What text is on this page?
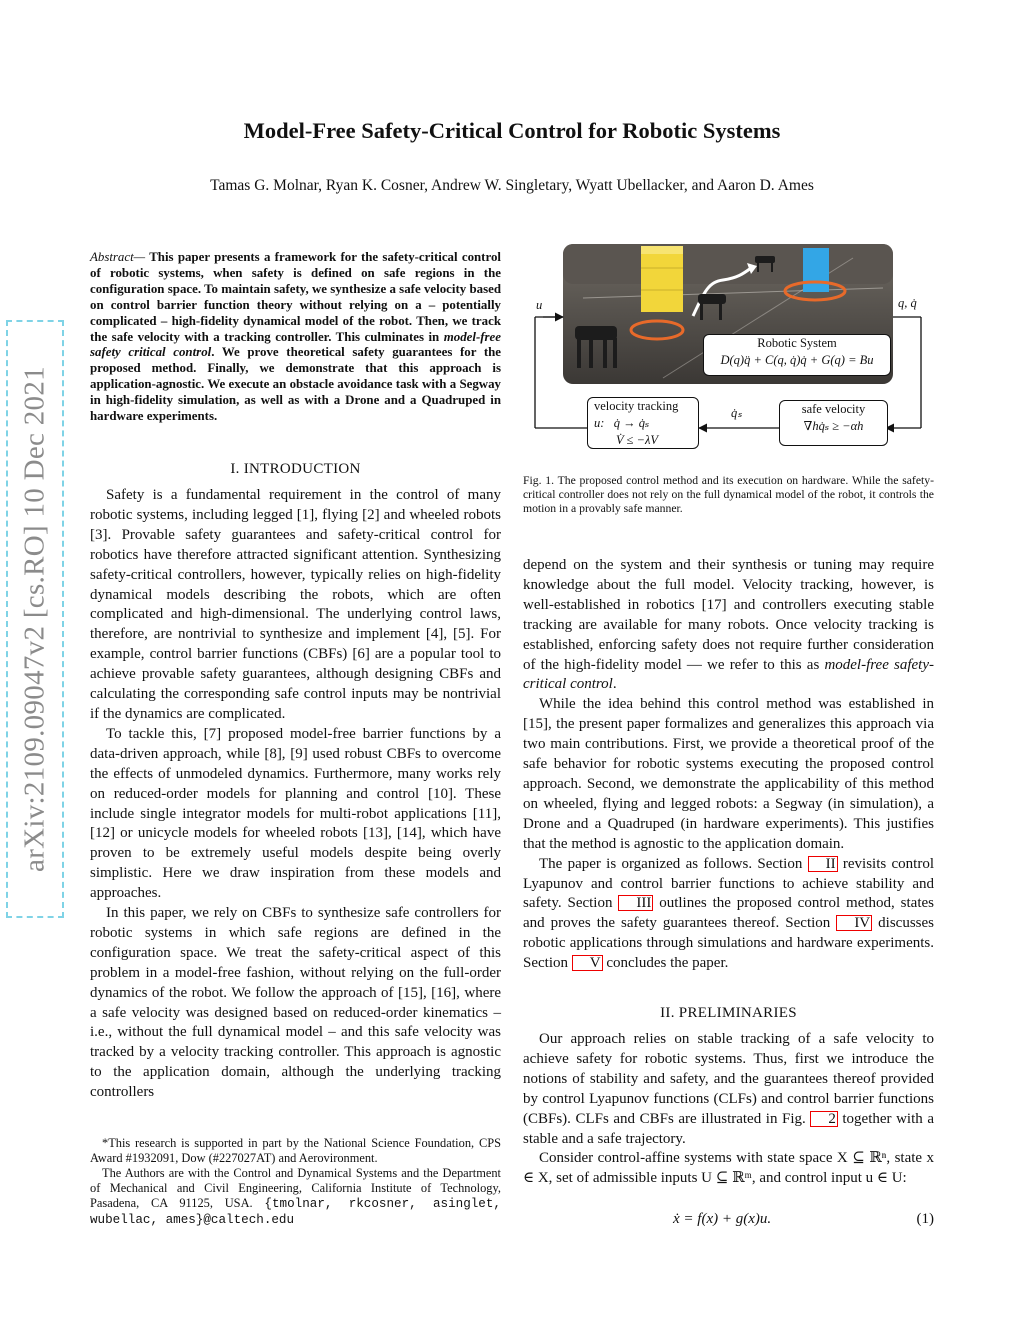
arXiv:2109.09047v2 [cs.RO] 10 Dec 2021
Model-Free Safety-Critical Control for Robotic Systems
Tamas G. Molnar, Ryan K. Cosner, Andrew W. Singletary, Wyatt Ubellacker, and Aaron D. Ames
Abstract— This paper presents a framework for the safety-critical control of robotic systems, when safety is defined on safe regions in the configuration space. To maintain safety, we synthesize a safe velocity based on control barrier function theory without relying on a – potentially complicated – high-fidelity dynamical model of the robot. Then, we track the safe velocity with a tracking controller. This culminates in model-free safety critical control. We prove theoretical safety guarantees for the proposed method. Finally, we demonstrate that this approach is application-agnostic. We execute an obstacle avoidance task with a Segway in high-fidelity simulation, as well as with a Drone and a Quadruped in hardware experiments.
I. INTRODUCTION

Safety is a fundamental requirement in the control of many robotic systems, including legged [1], flying [2] and wheeled robots [3]. Provable safety guarantees and safety-critical control for robotics have therefore attracted significant attention. Synthesizing safety-critical controllers, however, typically relies on high-fidelity dynamical models describing the robots, which are often complicated and high-dimensional. The underlying control laws, therefore, are nontrivial to synthesize and implement [4], [5]. For example, control barrier functions (CBFs) [6] are a popular tool to achieve provable safety guarantees, although designing CBFs and calculating the corresponding safe control inputs may be nontrivial if the dynamics are complicated.

To tackle this, [7] proposed model-free barrier functions by a data-driven approach, while [8], [9] used robust CBFs to overcome the effects of unmodeled dynamics. Furthermore, many works rely on reduced-order models for planning and control [10]. These include single integrator models for multi-robot applications [11], [12] or unicycle models for wheeled robots [13], [14], which have proven to be extremely useful models despite being overly simplistic. Here we draw inspiration from these models and approaches.

In this paper, we rely on CBFs to synthesize safe controllers for robotic systems in which safe regions are defined in the configuration space. We treat the safety-critical aspect of this problem in a model-free fashion, without relying on the full-order dynamics of the robot. We follow the approach of [15], [16], where a safe velocity was designed based on reduced-order kinematics – i.e., without the full dynamical model – and this safe velocity was tracked by a velocity tracking controller. This approach is agnostic to the application domain, although the underlying tracking controllers

*This research is supported in part by the National Science Foundation, CPS Award #1932091, Dow (#227027AT) and Aerovironment.

The Authors are with the Control and Dynamical Systems and the Department of Mechanical and Civil Engineering, California Institute of Technology, Pasadena, CA 91125, USA. {tmolnar, rkcosner, asinglet, wubellac, ames}@caltech.edu

u	q, q̇
Robotic System
D(q)q̈ + C(q, q̇)q̇ + G(q) = Bu
velocity tracking
u: q̇ → q̇ₛ
V̇ ≤ −λV
q̇ₛ	safe velocity
∇hq̇ₛ ≥ −αh
Fig. 1. The proposed control method and its execution on hardware. While the safety-critical controller does not rely on the full dynamical model of the robot, it controls the motion in a provably safe manner.

depend on the system and their synthesis or tuning may require knowledge about the full model. Velocity tracking, however, is well-established in robotics [17] and controllers executing stable tracking are available for many robots. Once velocity tracking is established, enforcing safety does not require further consideration of the high-fidelity model — we refer to this as model-free safety-critical control.

While the idea behind this control method was established in [15], the present paper formalizes and generalizes this approach via two main contributions. First, we provide a theoretical proof of the safe behavior for robotic systems executing the proposed control approach. Second, we demonstrate the applicability of this method on wheeled, flying and legged robots: a Segway (in simulation), a Drone and a Quadruped (in hardware experiments). This justifies that the method is agnostic to the application domain.

The paper is organized as follows. Section II revisits control Lyapunov and control barrier functions to achieve stability and safety. Section III outlines the proposed control method, states and proves the safety guarantees thereof. Section IV discusses robotic applications through simulations and hardware experiments. Section V concludes the paper.

II. PRELIMINARIES

Our approach relies on stable tracking of a safe velocity to achieve safety for robotic systems. Thus, first we introduce the notions of stability and safety, and the guarantees thereof provided by control Lyapunov functions (CLFs) and control barrier functions (CBFs). CLFs and CBFs are illustrated in Fig. 2 together with a stable and a safe trajectory.

Consider control-affine systems with state space X ⊆ ℝⁿ, state x ∈ X, set of admissible inputs U ⊆ ℝᵐ, and control input u ∈ U:

ẋ = f(x) + g(x)u.	(1)
